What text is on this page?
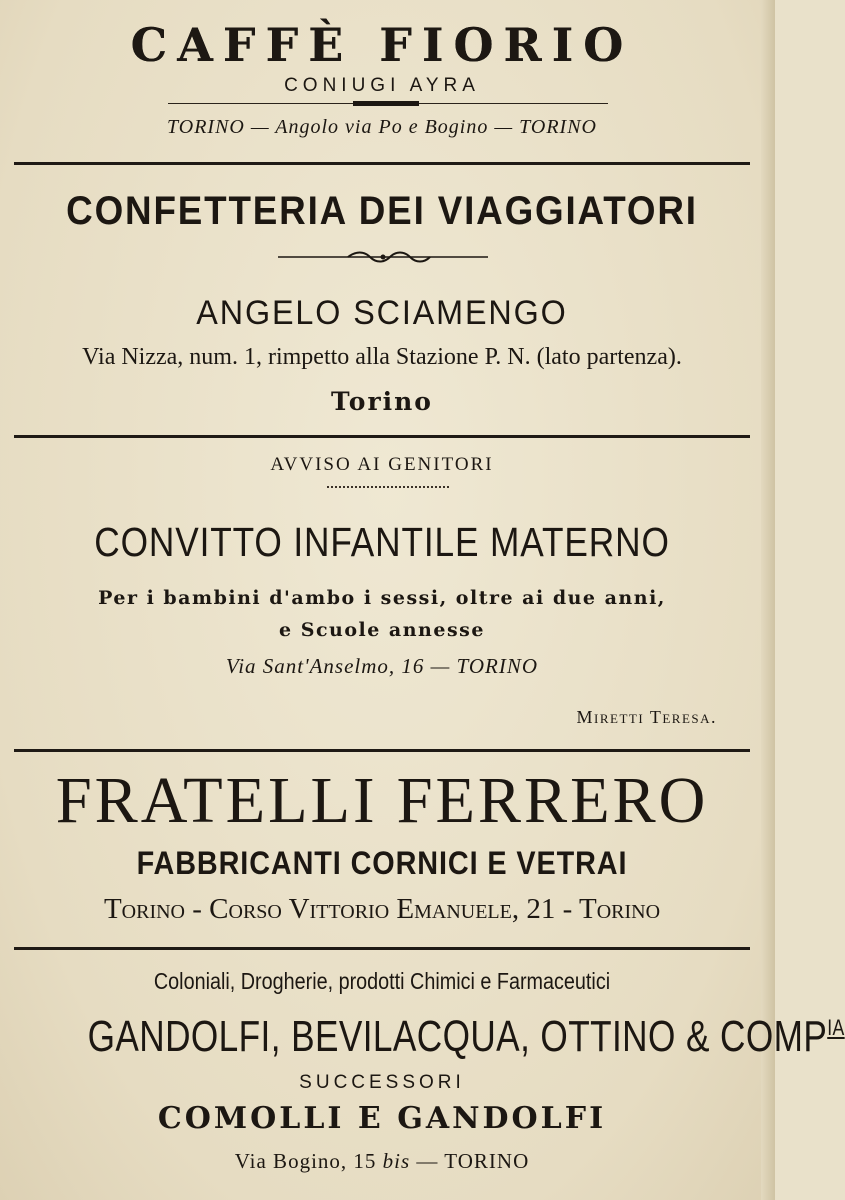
CAFFÈ FIORIO
CONIUGI AYRA
TORINO — Angolo via Po e Bogino — TORINO
CONFETTERIA DEI VIAGGIATORI
ANGELO SCIAMENGO
Via Nizza, num. 1, rimpetto alla Stazione P. N. (lato partenza).
Torino
AVVISO AI GENITORI
CONVITTO INFANTILE MATERNO
Per i bambini d'ambo i sessi, oltre ai due anni,
e Scuole annesse
Via Sant'Anselmo, 16 — TORINO
Miretti Teresa.
FRATELLI FERRERO
FABBRICANTI CORNICI E VETRAI
Torino - Corso Vittorio Emanuele, 21 - Torino
Coloniali, Drogherie, prodotti Chimici e Farmaceutici
GANDOLFI, BEVILACQUA, OTTINO & $COMP^{IA}$
SUCCESSORI
COMOLLI E GANDOLFI
Via Bogino, 15 bis — TORINO
